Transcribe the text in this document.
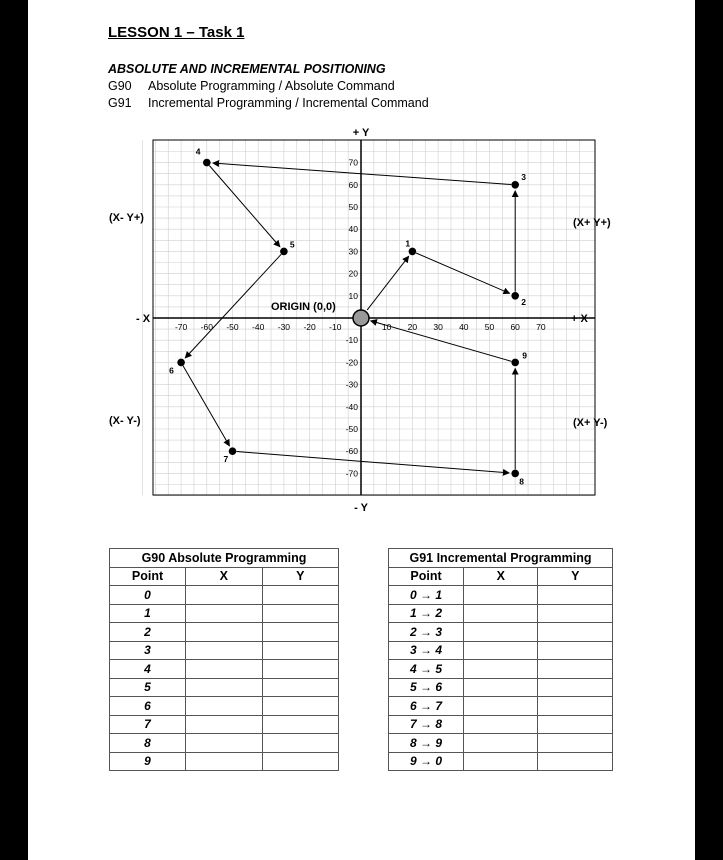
LESSON 1 – Task 1
ABSOLUTE AND INCREMENTAL POSITIONING
G90 Absolute Programming / Absolute Command
G91 Incremental Programming / Incremental Command
-70 -60 -50 -40 -30 -20 -10	10 20 30 40 50 60 70
70
60
50
40
30
20
10
-10
-20
-30
-40
-50
-60
-70
+ Y
- Y
- X	+ X
(X- Y+)	(X+ Y+)
(X- Y-)	(X+ Y-)
ORIGIN (0,0)
1
2
3
4
5
6
7
8
9
G90 Absolute Programming		
Point	X	Y
0		
1		
2		
3		
4		
5		
6		
7		
8		
9		
G91 Incremental Programming		
Point	X	Y
0 → 1		
1 → 2		
2 → 3		
3 → 4		
4 → 5		
5 → 6		
6 → 7		
7 → 8		
8 → 9		
9 → 0		
